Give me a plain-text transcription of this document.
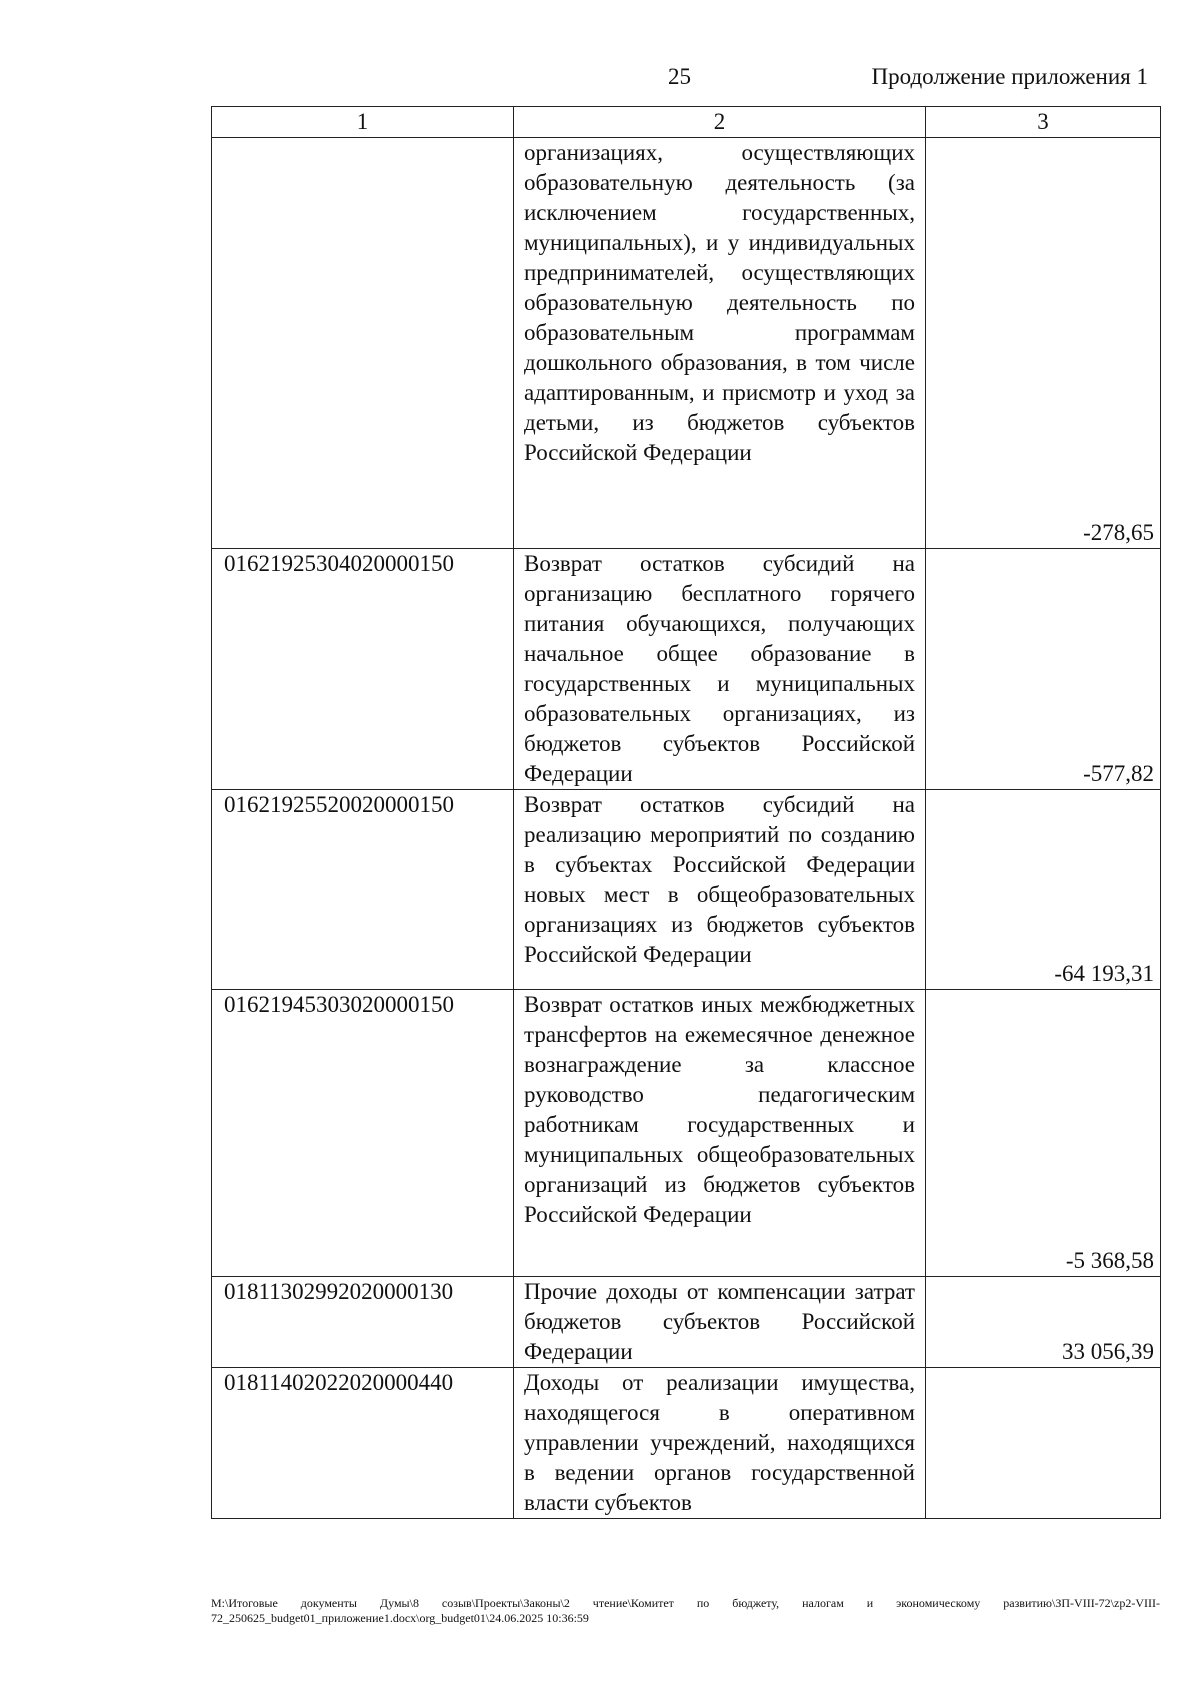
25	Продолжение приложения 1
1	2	3

	организациях, осуществляющих образовательную деятельность (за исключением государственных, муниципальных), и у индивидуальных предпринимателей, осуществляющих образовательную деятельность по образовательным программам дошкольного образования, в том числе адаптированным, и присмотр и уход за детьми, из бюджетов субъектов Российской Федерации	-278,65
01621925304020000150	Возврат остатков субсидий на организацию бесплатного горячего питания обучающихся, получающих начальное общее образование в государственных и муниципальных образовательных организациях, из бюджетов субъектов Российской Федерации	-577,82
01621925520020000150	Возврат остатков субсидий на реализацию мероприятий по созданию в субъектах Российской Федерации новых мест в общеобразовательных организациях из бюджетов субъектов Российской Федерации	-64 193,31
01621945303020000150	Возврат остатков иных межбюджетных трансфертов на ежемесячное денежное вознаграждение за классное руководство педагогическим работникам государственных и муниципальных общеобразовательных организаций из бюджетов субъектов Российской Федерации	-5 368,58
01811302992020000130	Прочие доходы от компенсации затрат бюджетов субъектов Российской Федерации	33 056,39
01811402022020000440	Доходы от реализации имущества, находящегося в оперативном управлении учреждений, находящихся в ведении органов государственной власти субъектов	

M:\Итоговые документы Думы\8 созыв\Проекты\Законы\2 чтение\Комитет по бюджету, налогам и экономическому развитию\ЗП-VIII-72\zp2-VIII-72_250625_budget01_приложение1.docx\org_budget01\24.06.2025 10:36:59
